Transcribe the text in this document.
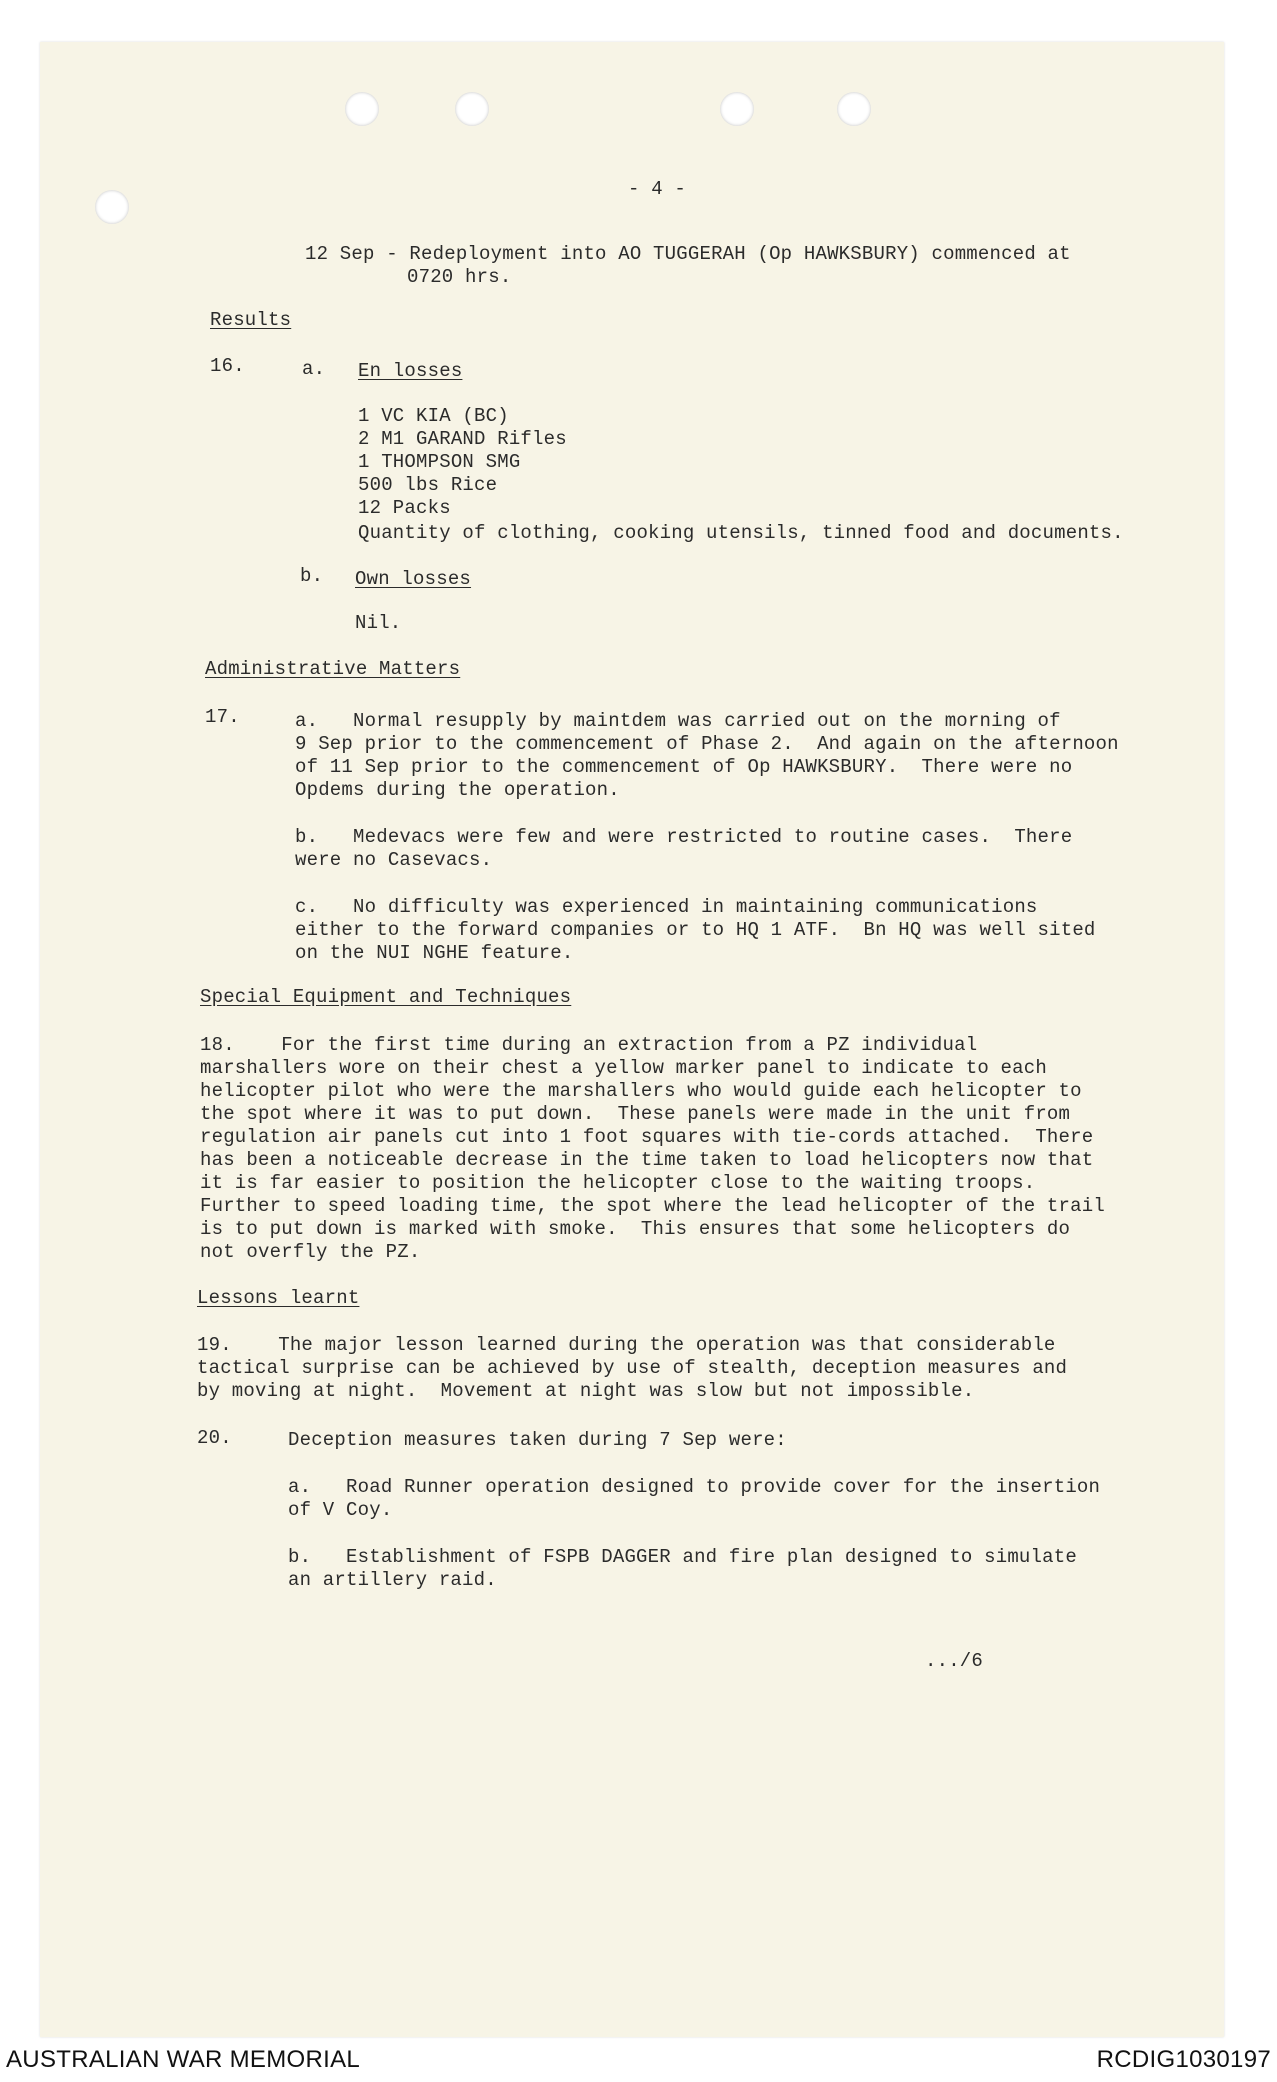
- 4 -
12 Sep - Redeployment into AO TUGGERAH (Op HAWKSBURY) commenced at
0720 hrs.
Results
16.	a. En losses
1 VC KIA (BC)
2 M1 GARAND Rifles
1 THOMPSON SMG
500 lbs Rice
12 Packs
Quantity of clothing, cooking utensils, tinned food and documents.
b. Own losses
Nil.
Administrative Matters
17.	a.   Normal resupply by maintdem was carried out on the morning of
9 Sep prior to the commencement of Phase 2.  And again on the afternoon
of 11 Sep prior to the commencement of Op HAWKSBURY.  There were no
Opdems during the operation.
b.   Medevacs were few and were restricted to routine cases.  There
were no Casevacs.
c.   No difficulty was experienced in maintaining communications
either to the forward companies or to HQ 1 ATF.  Bn HQ was well sited
on the NUI NGHE feature.
Special Equipment and Techniques
18.    For the first time during an extraction from a PZ individual
marshallers wore on their chest a yellow marker panel to indicate to each
helicopter pilot who were the marshallers who would guide each helicopter to
the spot where it was to put down.  These panels were made in the unit from
regulation air panels cut into 1 foot squares with tie-cords attached.  There
has been a noticeable decrease in the time taken to load helicopters now that
it is far easier to position the helicopter close to the waiting troops.
Further to speed loading time, the spot where the lead helicopter of the trail
is to put down is marked with smoke.  This ensures that some helicopters do
not overfly the PZ.
Lessons learnt
19.    The major lesson learned during the operation was that considerable
tactical surprise can be achieved by use of stealth, deception measures and
by moving at night.  Movement at night was slow but not impossible.
20.	Deception measures taken during 7 Sep were:
a.   Road Runner operation designed to provide cover for the insertion
of V Coy.
b.   Establishment of FSPB DAGGER and fire plan designed to simulate
an artillery raid.
.../6
AUSTRALIAN WAR MEMORIAL	RCDIG1030197
